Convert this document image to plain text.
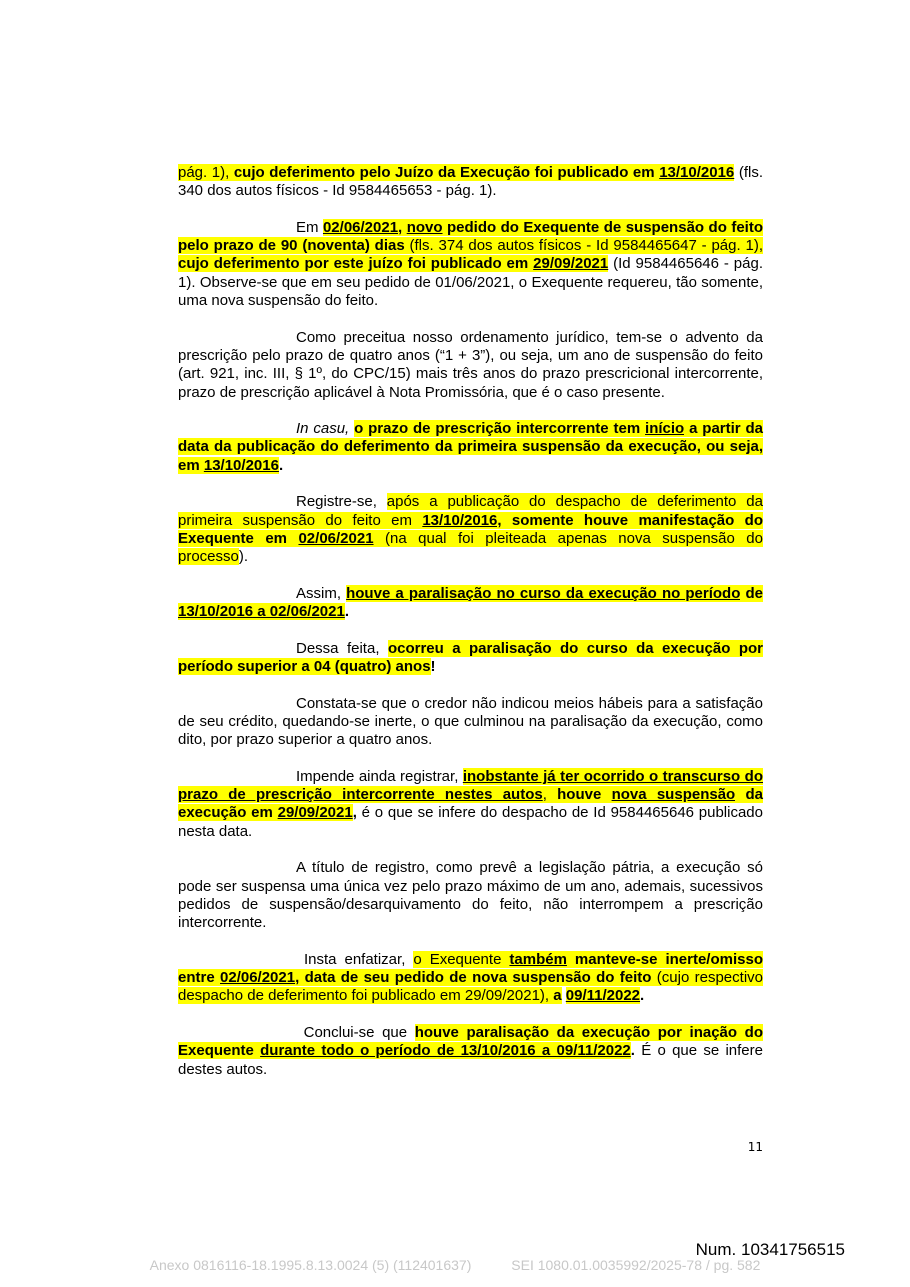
pág. 1), cujo deferimento pelo Juízo da Execução foi publicado em 13/10/2016 (fls. 340 dos autos físicos - Id 9584465653 - pág. 1).

Em 02/06/2021, novo pedido do Exequente de suspensão do feito pelo prazo de 90 (noventa) dias (fls. 374 dos autos físicos - Id 9584465647 - pág. 1), cujo deferimento por este juízo foi publicado em 29/09/2021 (Id 9584465646 - pág. 1). Observe-se que em seu pedido de 01/06/2021, o Exequente requereu, tão somente, uma nova suspensão do feito.

Como preceitua nosso ordenamento jurídico, tem-se o advento da prescrição pelo prazo de quatro anos (“1 + 3”), ou seja, um ano de suspensão do feito (art. 921, inc. III, § 1º, do CPC/15) mais três anos do prazo prescricional intercorrente, prazo de prescrição aplicável à Nota Promissória, que é o caso presente.

In casu, o prazo de prescrição intercorrente tem início a partir da data da publicação do deferimento da primeira suspensão da execução, ou seja, em 13/10/2016.

Registre-se, após a publicação do despacho de deferimento da primeira suspensão do feito em 13/10/2016, somente houve manifestação do Exequente em 02/06/2021 (na qual foi pleiteada apenas nova suspensão do processo).

Assim, houve a paralisação no curso da execução no período de 13/10/2016 a 02/06/2021.

Dessa feita, ocorreu a paralisação do curso da execução por período superior a 04 (quatro) anos!

Constata-se que o credor não indicou meios hábeis para a satisfação de seu crédito, quedando-se inerte, o que culminou na paralisação da execução, como dito, por prazo superior a quatro anos.

Impende ainda registrar, inobstante já ter ocorrido o transcurso do prazo de prescrição intercorrente nestes autos, houve nova suspensão da execução em 29/09/2021, é o que se infere do despacho de Id 9584465646 publicado nesta data.

A título de registro, como prevê a legislação pátria, a execução só pode ser suspensa uma única vez pelo prazo máximo de um ano, ademais, sucessivos pedidos de suspensão/desarquivamento do feito, não interrompem a prescrição intercorrente.

Insta enfatizar, o Exequente também manteve-se inerte/omisso entre 02/06/2021, data de seu pedido de nova suspensão do feito (cujo respectivo despacho de deferimento foi publicado em 29/09/2021), a 09/11/2022.

Conclui-se que houve paralisação da execução por inação do Exequente durante todo o período de 13/10/2016 a 09/11/2022. É o que se infere destes autos.

11
Num. 10341756515
Anexo 0816116-18.1995.8.13.0024 (5) (112401637)	SEI 1080.01.0035992/2025-78 / pg. 582
